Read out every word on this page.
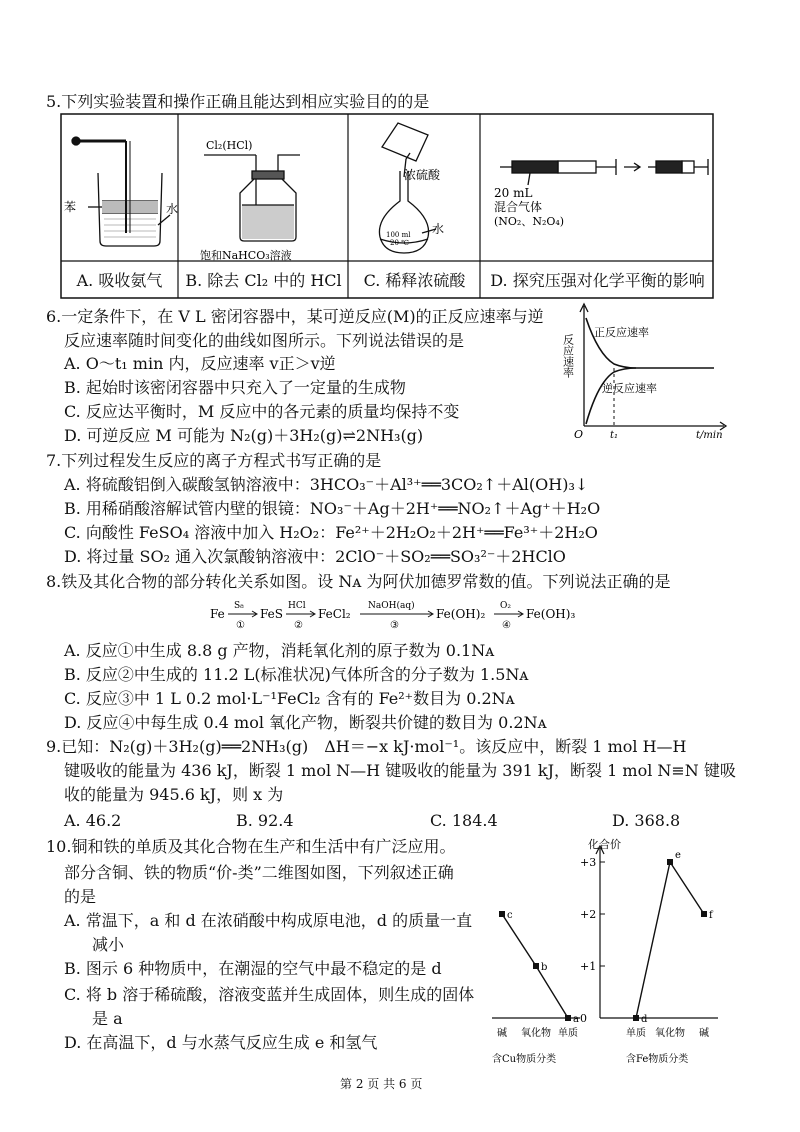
5.下列实验装置和操作正确且能达到相应实验目的的是
苯	水
Cl₂(HCl)
饱和NaHCO₃溶液
浓硫酸
水
100 ml
20 ℃
20 mL
混合气体
(NO₂、N₂O₄)
A. 吸收氨气	B. 除去 Cl₂ 中的 HCl	C. 稀释浓硫酸	D. 探究压强对化学平衡的影响
6.一定条件下，在 V L 密闭容器中，某可逆反应(M)的正反应速率与逆
反应速率随时间变化的曲线如图所示。下列说法错误的是
A. O～t₁ min 内，反应速率 v正＞v逆
B. 起始时该密闭容器中只充入了一定量的生成物
C. 反应达平衡时，M 反应中的各元素的质量均保持不变
D. 可逆反应 M 可能为 N₂(g)＋3H₂(g)⇌2NH₃(g)
正反应速率
逆反应速率
O	t₁	t/min
反应速率
7.下列过程发生反应的离子方程式书写正确的是
A. 将硫酸铝倒入碳酸氢钠溶液中：3HCO₃⁻＋Al³⁺══3CO₂↑＋Al(OH)₃↓
B. 用稀硝酸溶解试管内壁的银镜：NO₃⁻＋Ag＋2H⁺══NO₂↑＋Ag⁺＋H₂O
C. 向酸性 FeSO₄ 溶液中加入 H₂O₂：Fe²⁺＋2H₂O₂＋2H⁺══Fe³⁺＋2H₂O
D. 将过量 SO₂ 通入次氯酸钠溶液中：2ClO⁻＋SO₂══SO₃²⁻＋2HClO
8.铁及其化合物的部分转化关系如图。设 Nᴀ 为阿伏加德罗常数的值。下列说法正确的是
Fe
S₈
①
FeS
HCl
②
FeCl₂
NaOH(aq)
③
Fe(OH)₂
O₂
④
Fe(OH)₃
A. 反应①中生成 8.8 g 产物，消耗氧化剂的原子数为 0.1Nᴀ
B. 反应②中生成的 11.2 L(标准状况)气体所含的分子数为 1.5Nᴀ
C. 反应③中 1 L 0.2 mol·L⁻¹FeCl₂ 含有的 Fe²⁺数目为 0.2Nᴀ
D. 反应④中每生成 0.4 mol 氧化产物，断裂共价键的数目为 0.2Nᴀ
9.已知：N₂(g)＋3H₂(g)══2NH₃(g)　ΔH＝−x kJ·mol⁻¹。该反应中，断裂 1 mol H—H
键吸收的能量为 436 kJ，断裂 1 mol N—H 键吸收的能量为 391 kJ，断裂 1 mol N≡N 键吸
收的能量为 945.6 kJ，则 x 为
A. 46.2	B. 92.4	C. 184.4	D. 368.8
10.铜和铁的单质及其化合物在生产和生活中有广泛应用。
部分含铜、铁的物质“价-类”二维图如图，下列叙述正确
的是
A. 常温下，a 和 d 在浓硝酸中构成原电池，d 的质量一直
减小
B. 图示 6 种物质中，在潮湿的空气中最不稳定的是 d
C. 将 b 溶于稀硫酸，溶液变蓝并生成固体，则生成的固体
是 a
D. 在高温下，d 与水蒸气反应生成 e 和氢气
化合价
+3
+2
+1
0
c
碱
b
氧化物
a
单质
d
单质
e
氧化物
f
碱
含Cu物质分类	含Fe物质分类
第 2 页 共 6 页
